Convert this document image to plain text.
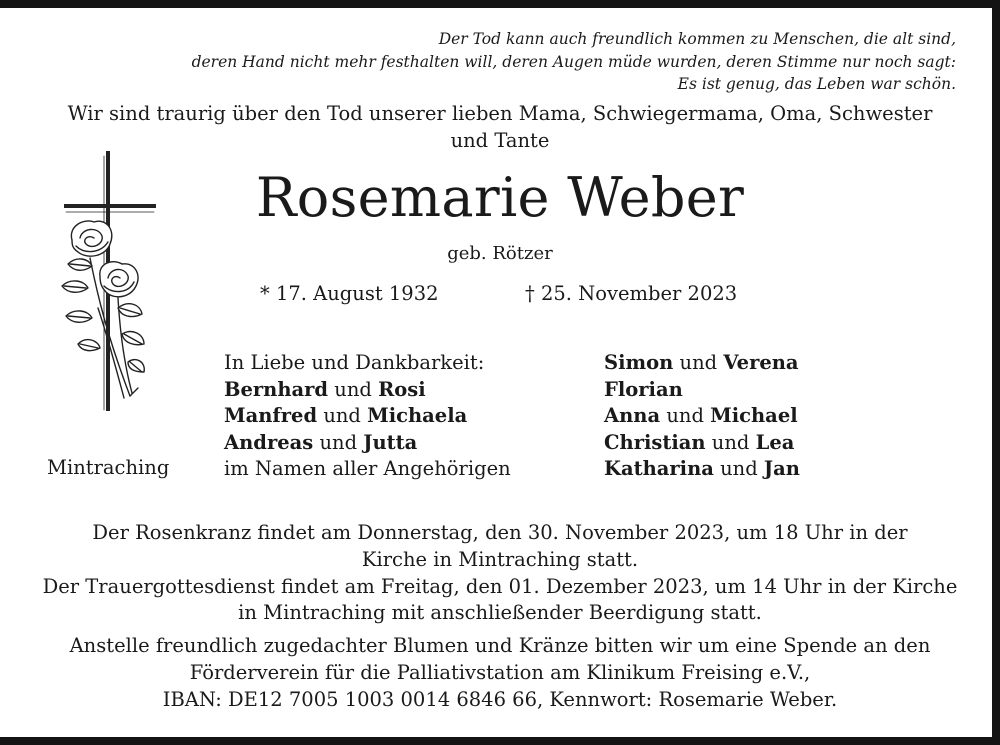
Der Tod kann auch freundlich kommen zu Menschen, die alt sind,
deren Hand nicht mehr festhalten will, deren Augen müde wurden, deren Stimme nur noch sagt:
Es ist genug, das Leben war schön.
Wir sind traurig über den Tod unserer lieben Mama, Schwiegermama, Oma, Schwester
und Tante
Rosemarie Weber
geb. Rötzer
* 17. August 1932	† 25. November 2023
Mintraching
In Liebe und Dankbarkeit:
Bernhard und Rosi
Manfred und Michaela
Andreas und Jutta
im Namen aller Angehörigen
Simon und Verena
Florian
Anna und Michael
Christian und Lea
Katharina und Jan
Der Rosenkranz findet am Donnerstag, den 30. November 2023, um 18 Uhr in der
Kirche in Mintraching statt.
Der Trauergottesdienst findet am Freitag, den 01. Dezember 2023, um 14 Uhr in der Kirche
in Mintraching mit anschließender Beerdigung statt.
Anstelle freundlich zugedachter Blumen und Kränze bitten wir um eine Spende an den
Förderverein für die Palliativstation am Klinikum Freising e.V.,
IBAN: DE12 7005 1003 0014 6846 66, Kennwort: Rosemarie Weber.
